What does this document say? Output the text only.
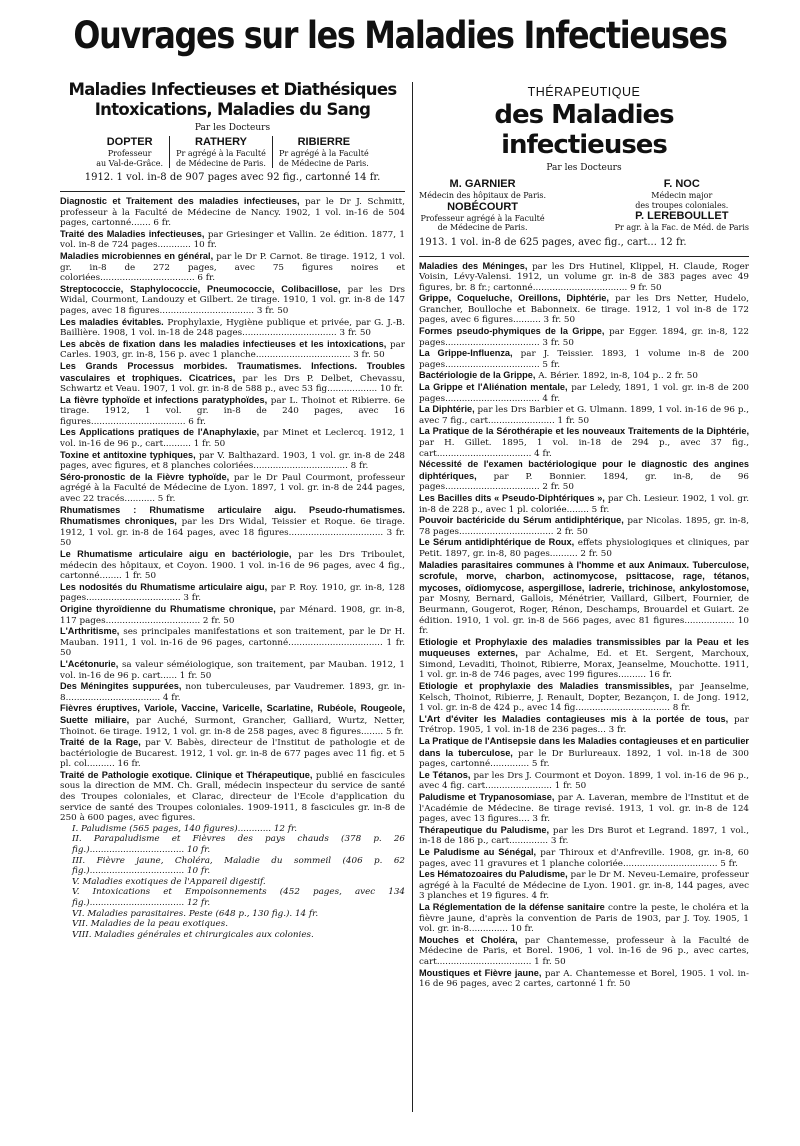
Ouvrages sur les Maladies Infectieuses
Maladies Infectieuses et Diathésiques
Intoxications, Maladies du Sang
Par les Docteurs
DOPTER
Professeur
au Val-de-Grâce.
RATHERY
Pr agrégé à la Faculté
de Médecine de Paris.
RIBIERRE
Pr agrégé à la Faculté
de Médecine de Paris.
1912. 1 vol. in-8 de 907 pages avec 92 fig., cartonné 14 fr.
Diagnostic et Traitement des maladies infectieuses, par le Dr J. Schmitt, professeur à la Faculté de Médecine de Nancy. 1902, 1 vol. in-16 de 504 pages, cartonné....... 6 fr.
Traité des Maladies infectieuses, par Griesinger et Vallin. 2e édition. 1877, 1 vol. in-8 de 724 pages............ 10 fr.
Maladies microbiennes en général, par le Dr P. Carnot. 8e tirage. 1912, 1 vol. gr. in-8 de 272 pages, avec 75 figures noires et coloriées.................................. 6 fr.
Streptococcie, Staphylococcie, Pneumococcie, Colibacillose, par les Drs Widal, Courmont, Landouzy et Gilbert. 2e tirage. 1910, 1 vol. gr. in-8 de 147 pages, avec 18 figures.................................. 3 fr. 50
Les maladies évitables. Prophylaxie, Hygiène publique et privée, par G. J.-B. Baillière. 1908, 1 vol. in-18 de 248 pages.................................. 3 fr. 50
Les abcès de fixation dans les maladies infectieuses et les intoxications, par Carles. 1903, gr. in-8, 156 p. avec 1 planche.................................. 3 fr. 50
Les Grands Processus morbides. Traumatismes. Infections. Troubles vasculaires et trophiques. Cicatrices, par les Drs P. Delbet, Chevassu, Schwartz et Veau. 1907, 1 vol. gr. in-8 de 588 p., avec 53 fig.................. 10 fr.
La fièvre typhoïde et infections paratyphoïdes, par L. Thoinot et Ribierre. 6e tirage. 1912, 1 vol. gr. in-8 de 240 pages, avec 16 figures.................................. 6 fr.
Les Applications pratiques de l'Anaphylaxie, par Minet et Leclercq. 1912, 1 vol. in-16 de 96 p., cart.......... 1 fr. 50
Toxine et antitoxine typhiques, par V. Balthazard. 1903, 1 vol. gr. in-8 de 248 pages, avec figures, et 8 planches coloriées.................................. 8 fr.
Séro-pronostic de la Fièvre typhoïde, par le Dr Paul Courmont, professeur agrégé à la Faculté de Médecine de Lyon. 1897, 1 vol. gr. in-8 de 244 pages, avec 22 tracés........... 5 fr.
Rhumatismes : Rhumatisme articulaire aigu. Pseudo-rhumatismes. Rhumatismes chroniques, par les Drs Widal, Teissier et Roque. 6e tirage. 1912, 1 vol. gr. in-8 de 164 pages, avec 18 figures.................................. 3 fr. 50
Le Rhumatisme articulaire aigu en bactériologie, par les Drs Triboulet, médecin des hôpitaux, et Coyon. 1900. 1 vol. in-16 de 96 pages, avec 4 fig., cartonné........ 1 fr. 50
Les nodosités du Rhumatisme articulaire aigu, par P. Roy. 1910, gr. in-8, 128 pages.................................. 3 fr.
Origine thyroïdienne du Rhumatisme chronique, par Ménard. 1908, gr. in-8, 117 pages.................................. 2 fr. 50
L'Arthritisme, ses principales manifestations et son traitement, par le Dr H. Mauban. 1911, 1 vol. in-16 de 96 pages, cartonné.................................. 1 fr. 50
L'Acétonurie, sa valeur séméiologique, son traitement, par Mauban. 1912, 1 vol. in-16 de 96 p. cart...... 1 fr. 50
Des Méningites suppurées, non tuberculeuses, par Vaudremer. 1893, gr. in-8.................................. 4 fr.
Fièvres éruptives, Variole, Vaccine, Varicelle, Scarlatine, Rubéole, Rougeole, Suette miliaire, par Auché, Surmont, Grancher, Galliard, Wurtz, Netter, Thoinot. 6e tirage. 1912, 1 vol. gr. in-8 de 258 pages, avec 8 figures........ 5 fr.
Traité de la Rage, par V. Babès, directeur de l'Institut de pathologie et de bactériologie de Bucarest. 1912, 1 vol. gr. in-8 de 677 pages avec 11 fig. et 5 pl. col.......... 16 fr.
Traité de Pathologie exotique. Clinique et Thérapeutique, publié en fascicules sous la direction de MM. Ch. Grall, médecin inspecteur du service de santé des Troupes coloniales, et Clarac, directeur de l'Ecole d'application du service de santé des Troupes coloniales. 1909-1911, 8 fascicules gr. in-8 de 250 à 600 pages, avec figures.
I. Paludisme (565 pages, 140 figures)............ 12 fr.
II. Parapaludisme et Fièvres des pays chauds (378 p. 26 fig.).................................. 10 fr.
III. Fièvre jaune, Choléra, Maladie du sommeil (406 p. 62 fig.).................................. 10 fr.
V. Maladies exotiques de l'Appareil digestif.
V. Intoxications et Empoisonnements (452 pages, avec 134 fig.).................................. 12 fr.
VI. Maladies parasitaires. Peste (648 p., 130 fig.). 14 fr.
VII. Maladies de la peau exotiques.
VIII. Maladies générales et chirurgicales aux colonies.
THÉRAPEUTIQUE
des Maladies infectieuses
Par les Docteurs
M. GARNIER
Médecin des hôpitaux de Paris.
NOBÉCOURT
Professeur agrégé à la Faculté
de Médecine de Paris.
F. NOC
Médecin major
des troupes coloniales.
P. LEREBOULLET
Pr agr. à la Fac. de Méd. de Paris
1913. 1 vol. in-8 de 625 pages, avec fig., cart... 12 fr.
Maladies des Méninges, par les Drs Hutinel, Klippel, H. Claude, Roger Voisin, Lévy-Valensi. 1912, un volume gr. in-8 de 383 pages avec 49 figures, br. 8 fr.; cartonné.................................. 9 fr. 50
Grippe, Coqueluche, Oreillons, Diphtérie, par les Drs Netter, Hudelo, Grancher, Boulloche et Babonneix. 6e tirage. 1912, 1 vol in-8 de 172 pages, avec 6 figures.......... 3 fr. 50
Formes pseudo-phymiques de la Grippe, par Egger. 1894, gr. in-8, 122 pages.................................. 3 fr. 50
La Grippe-Influenza, par J. Teissier. 1893, 1 volume in-8 de 200 pages.................................. 5 fr.
Bactériologie de la Grippe, A. Bérier. 1892, in-8, 104 p.. 2 fr. 50
La Grippe et l'Aliénation mentale, par Leledy, 1891, 1 vol. gr. in-8 de 200 pages.................................. 4 fr.
La Diphtérie, par les Drs Barbier et G. Ulmann. 1899, 1 vol. in-16 de 96 p., avec 7 fig., cart........................ 1 fr. 50
La Pratique de la Sérothérapie et les nouveaux Traitements de la Diphtérie, par H. Gillet. 1895, 1 vol. in-18 de 294 p., avec 37 fig., cart.................................. 4 fr.
Nécessité de l'examen bactériologique pour le diagnostic des angines diphtériques, par P. Bonnier. 1894, gr. in-8, de 96 pages.................................. 2 fr. 50
Les Bacilles dits « Pseudo-Diphtériques », par Ch. Lesieur. 1902, 1 vol. gr. in-8 de 228 p., avec 1 pl. coloriée........ 5 fr.
Pouvoir bactéricide du Sérum antidiphtérique, par Nicolas. 1895, gr. in-8, 78 pages.................................. 2 fr. 50
Le Sérum antidiphtérique de Roux, effets physiologiques et cliniques, par Petit. 1897, gr. in-8, 80 pages.......... 2 fr. 50
Maladies parasitaires communes à l'homme et aux Animaux. Tuberculose, scrofule, morve, charbon, actinomycose, psittacose, rage, tétanos, mycoses, oïdiomycose, aspergillose, ladrerie, trichinose, ankylostomose, par Mosny, Bernard, Gallois, Ménétrier, Vaillard, Gilbert, Fournier, de Beurmann, Gougerot, Roger, Rénon, Deschamps, Brouardel et Guiart. 2e édition. 1910, 1 vol. gr. in-8 de 566 pages, avec 81 figures.................. 10 fr.
Etiologie et Prophylaxie des maladies transmissibles par la Peau et les muqueuses externes, par Achalme, Ed. et Et. Sergent, Marchoux, Simond, Levaditi, Thoinot, Ribierre, Morax, Jeanselme, Mouchotte. 1911, 1 vol. gr. in-8 de 746 pages, avec 199 figures.......... 16 fr.
Etiologie et prophylaxie des Maladies transmissibles, par Jeanselme, Kelsch, Thoinot, Ribierre, J. Renault, Dopter, Bezançon, I. de Jong. 1912, 1 vol. gr. in-8 de 424 p., avec 14 fig.................................. 8 fr.
L'Art d'éviter les Maladies contagieuses mis à la portée de tous, par Trétrop. 1905, 1 vol. in-18 de 236 pages... 3 fr.
La Pratique de l'Antisepsie dans les Maladies contagieuses et en particulier dans la tuberculose, par le Dr Burlureaux. 1892, 1 vol. in-18 de 300 pages, cartonné.............. 5 fr.
Le Tétanos, par les Drs J. Courmont et Doyon. 1899, 1 vol. in-16 de 96 p., avec 4 fig. cart........................ 1 fr. 50
Paludisme et Trypanosomiase, par A. Laveran, membre de l'Institut et de l'Académie de Médecine. 8e tirage revisé. 1913, 1 vol. gr. in-8 de 124 pages, avec 13 figures.... 3 fr.
Thérapeutique du Paludisme, par les Drs Burot et Legrand. 1897, 1 vol., in-18 de 186 p., cart.............. 3 fr.
Le Paludisme au Sénégal, par Thiroux et d'Anfreville. 1908, gr. in-8, 60 pages, avec 11 gravures et 1 planche coloriée.................................. 5 fr.
Les Hématozoaires du Paludisme, par le Dr M. Neveu-Lemaire, professeur agrégé à la Faculté de Médecine de Lyon. 1901. gr. in-8, 144 pages, avec 3 planches et 19 figures. 4 fr.
La Réglementation de la défense sanitaire contre la peste, le choléra et la fièvre jaune, d'après la convention de Paris de 1903, par J. Toy. 1905, 1 vol. gr. in-8.............. 10 fr.
Mouches et Choléra, par Chantemesse, professeur à la Faculté de Médecine de Paris, et Borel. 1906, 1 vol. in-16 de 96 p., avec cartes, cart.................................. 1 fr. 50
Moustiques et Fièvre jaune, par A. Chantemesse et Borel, 1905. 1 vol. in-16 de 96 pages, avec 2 cartes, cartonné 1 fr. 50
